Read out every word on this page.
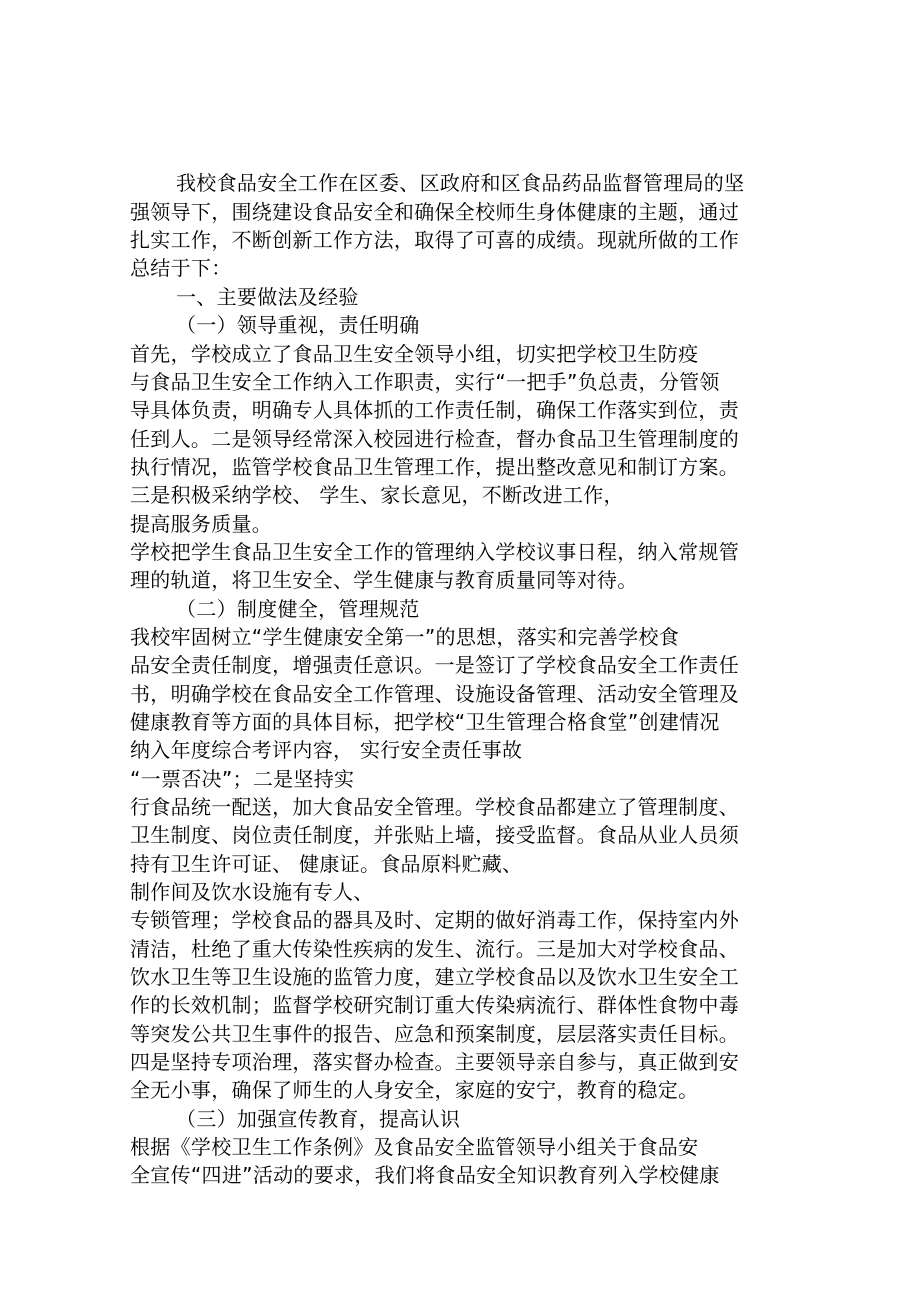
我校食品安全工作在区委、区政府和区食品药品监督管理局的坚
强领导下，围绕建设食品安全和确保全校师生身体健康的主题，通过
扎实工作，不断创新工作方法，取得了可喜的成绩。现就所做的工作
总结于下：
一、主要做法及经验
（一）领导重视，责任明确
首先，学校成立了食品卫生安全领导小组，切实把学校卫生防疫
与食品卫生安全工作纳入工作职责，实行“一把手”负总责，分管领
导具体负责，明确专人具体抓的工作责任制，确保工作落实到位，责
任到人。二是领导经常深入校园进行检查，督办食品卫生管理制度的
执行情况，监管学校食品卫生管理工作，提出整改意见和制订方案。
三是积极采纳学校、 学生、家长意见，不断改进工作，
提高服务质量。
学校把学生食品卫生安全工作的管理纳入学校议事日程，纳入常规管
理的轨道，将卫生安全、学生健康与教育质量同等对待。
（二）制度健全，管理规范
我校牢固树立“学生健康安全第一”的思想，落实和完善学校食
品安全责任制度，增强责任意识。一是签订了学校食品安全工作责任
书，明确学校在食品安全工作管理、设施设备管理、活动安全管理及
健康教育等方面的具体目标，把学校“卫生管理合格食堂”创建情况
纳入年度综合考评内容， 实行安全责任事故
“一票否决”；二是坚持实
行食品统一配送，加大食品安全管理。学校食品都建立了管理制度、
卫生制度、岗位责任制度，并张贴上墙，接受监督。食品从业人员须
持有卫生许可证、 健康证。食品原料贮藏、
制作间及饮水设施有专人、
专锁管理；学校食品的器具及时、定期的做好消毒工作，保持室内外
清洁，杜绝了重大传染性疾病的发生、流行。三是加大对学校食品、
饮水卫生等卫生设施的监管力度，建立学校食品以及饮水卫生安全工
作的长效机制；监督学校研究制订重大传染病流行、群体性食物中毒
等突发公共卫生事件的报告、应急和预案制度，层层落实责任目标。
四是坚持专项治理，落实督办检查。主要领导亲自参与，真正做到安
全无小事，确保了师生的人身安全，家庭的安宁，教育的稳定。
（三）加强宣传教育，提高认识
根据《学校卫生工作条例》及食品安全监管领导小组关于食品安
全宣传“四进”活动的要求，我们将食品安全知识教育列入学校健康
